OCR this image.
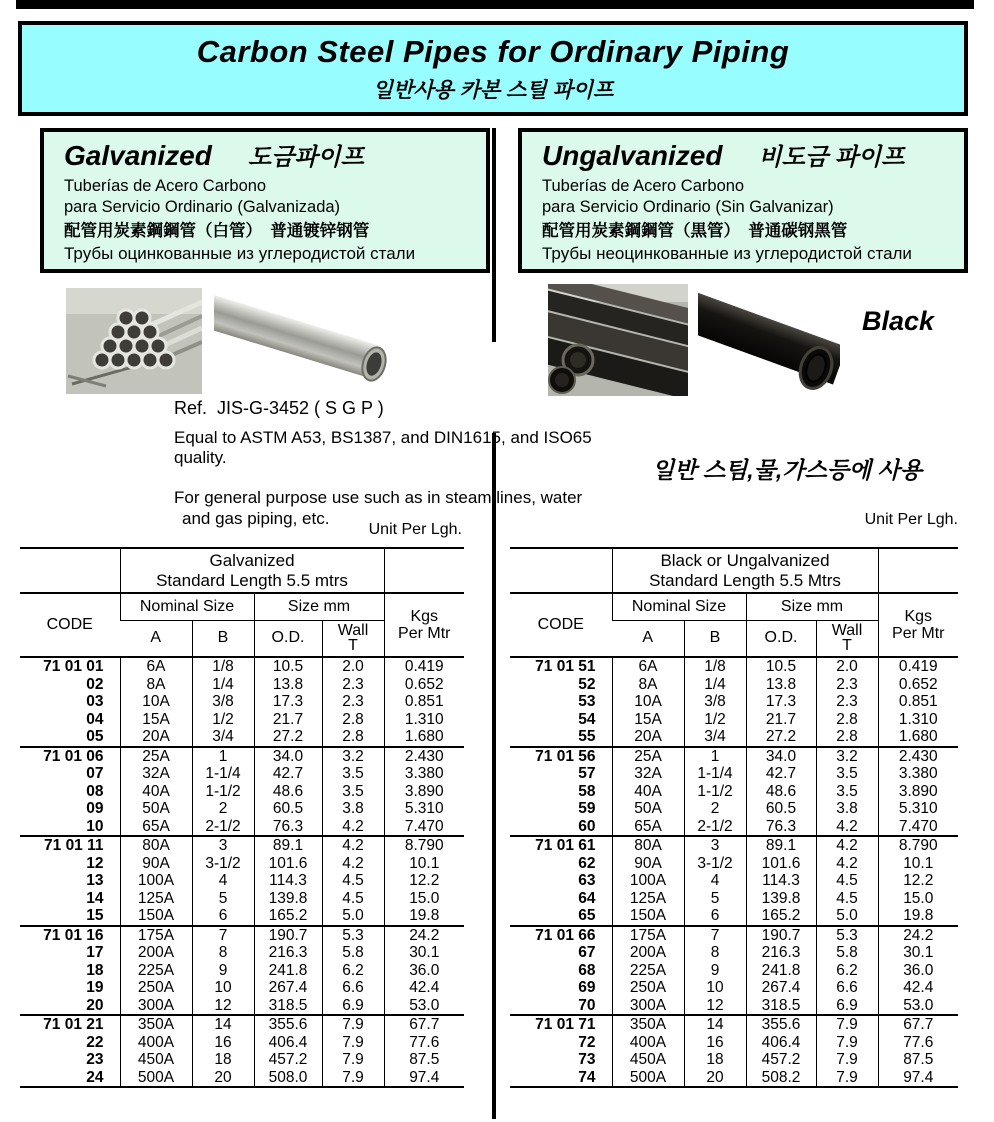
Carbon Steel Pipes for Ordinary Piping
일반사용 카본 스틸 파이프
Galvanized 도금파이프
Tuberías de Acero Carbono
para Servicio Ordinario (Galvanizada)
配管用炭素鋼鋼管（白管）　普通镀锌钢管
Трубы оцинкованные из углеродистой стали
Ungalvanized 비도금 파이프
Tuberías de Acero Carbono
para Servicio Ordinario (Sin Galvanizar)
配管用炭素鋼鋼管（黒管）　普通碳钢黑管
Трубы неоцинкованные из углеродистой стали
Black
Ref.  JIS-G-3452 ( S G P )
Equal to ASTM A53, BS1387, and DIN1615, and ISO65 quality.
For general purpose use such as in steam lines, water
and gas piping, etc.
일반 스팀,물,가스등에 사용
Unit Per Lgh.
Unit Per Lgh.

	Galvanized
Standard Length 5.5 mtrs				

CODE	Nominal Size		Size mm		Kgs
Per Mtr

	A	B	O.D.	Wall
T	

71 01 01	6A	1/8	10.5	2.0	0.419
02	8A	1/4	13.8	2.3	0.652
03	10A	3/8	17.3	2.3	0.851
04	15A	1/2	21.7	2.8	1.310
05	20A	3/4	27.2	2.8	1.680
71 01 06	25A	1	34.0	3.2	2.430
07	32A	1-1/4	42.7	3.5	3.380
08	40A	1-1/2	48.6	3.5	3.890
09	50A	2	60.5	3.8	5.310
10	65A	2-1/2	76.3	4.2	7.470
71 01 11	80A	3	89.1	4.2	8.790
12	90A	3-1/2	101.6	4.2	10.1
13	100A	4	114.3	4.5	12.2
14	125A	5	139.8	4.5	15.0
15	150A	6	165.2	5.0	19.8
71 01 16	175A	7	190.7	5.3	24.2
17	200A	8	216.3	5.8	30.1
18	225A	9	241.8	6.2	36.0
19	250A	10	267.4	6.6	42.4
20	300A	12	318.5	6.9	53.0
71 01 21	350A	14	355.6	7.9	67.7
22	400A	16	406.4	7.9	77.6
23	450A	18	457.2	7.9	87.5
24	500A	20	508.0	7.9	97.4

	Black or Ungalvanized
Standard Length 5.5 Mtrs				

CODE	Nominal Size		Size mm		Kgs
Per Mtr

	A	B	O.D.	Wall
T	

71 01 51	6A	1/8	10.5	2.0	0.419
52	8A	1/4	13.8	2.3	0.652
53	10A	3/8	17.3	2.3	0.851
54	15A	1/2	21.7	2.8	1.310
55	20A	3/4	27.2	2.8	1.680
71 01 56	25A	1	34.0	3.2	2.430
57	32A	1-1/4	42.7	3.5	3.380
58	40A	1-1/2	48.6	3.5	3.890
59	50A	2	60.5	3.8	5.310
60	65A	2-1/2	76.3	4.2	7.470
71 01 61	80A	3	89.1	4.2	8.790
62	90A	3-1/2	101.6	4.2	10.1
63	100A	4	114.3	4.5	12.2
64	125A	5	139.8	4.5	15.0
65	150A	6	165.2	5.0	19.8
71 01 66	175A	7	190.7	5.3	24.2
67	200A	8	216.3	5.8	30.1
68	225A	9	241.8	6.2	36.0
69	250A	10	267.4	6.6	42.4
70	300A	12	318.5	6.9	53.0
71 01 71	350A	14	355.6	7.9	67.7
72	400A	16	406.4	7.9	77.6
73	450A	18	457.2	7.9	87.5
74	500A	20	508.2	7.9	97.4
